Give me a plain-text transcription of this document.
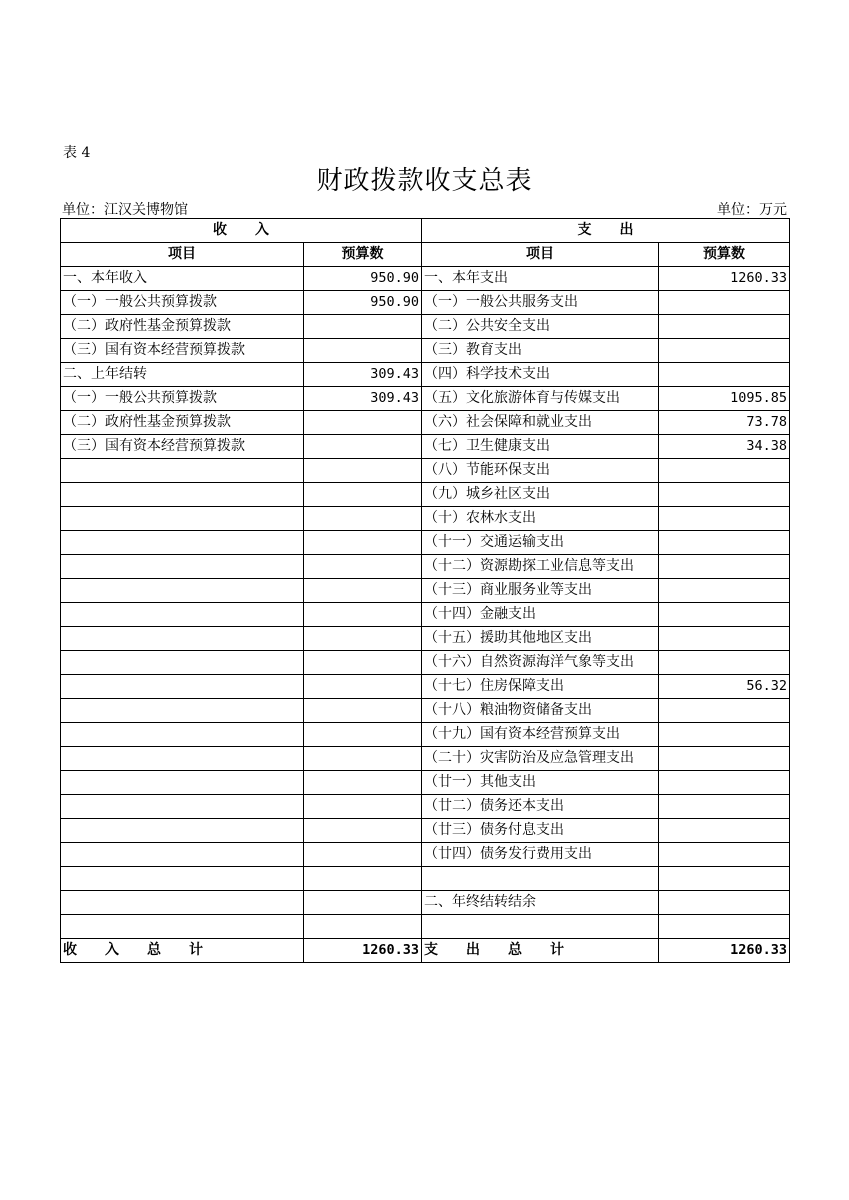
表 4
财政拨款收支总表
单位：江汉关博物馆	单位：万元
收　　入		支　　出	
项目	预算数	项目	预算数
一、本年收入	950.90	一、本年支出	1260.33
（一）一般公共预算拨款	950.90	（一）一般公共服务支出	
（二）政府性基金预算拨款		（二）公共安全支出	
（三）国有资本经营预算拨款		（三）教育支出	
二、上年结转	309.43	（四）科学技术支出	
（一）一般公共预算拨款	309.43	（五）文化旅游体育与传媒支出	1095.85
（二）政府性基金预算拨款		（六）社会保障和就业支出	73.78
（三）国有资本经营预算拨款		（七）卫生健康支出	34.38
		（八）节能环保支出	
		（九）城乡社区支出	
		（十）农林水支出	
		（十一）交通运输支出	
		（十二）资源勘探工业信息等支出	
		（十三）商业服务业等支出	
		（十四）金融支出	
		（十五）援助其他地区支出	
		（十六）自然资源海洋气象等支出	
		（十七）住房保障支出	56.32
		（十八）粮油物资储备支出	
		（十九）国有资本经营预算支出	
		（二十）灾害防治及应急管理支出	
		（廿一）其他支出	
		（廿二）债务还本支出	
		（廿三）债务付息支出	
		（廿四）债务发行费用支出	

		二、年终结转结余	

收　　入　　总　　计	1260.33	支　　出　　总　　计	1260.33
